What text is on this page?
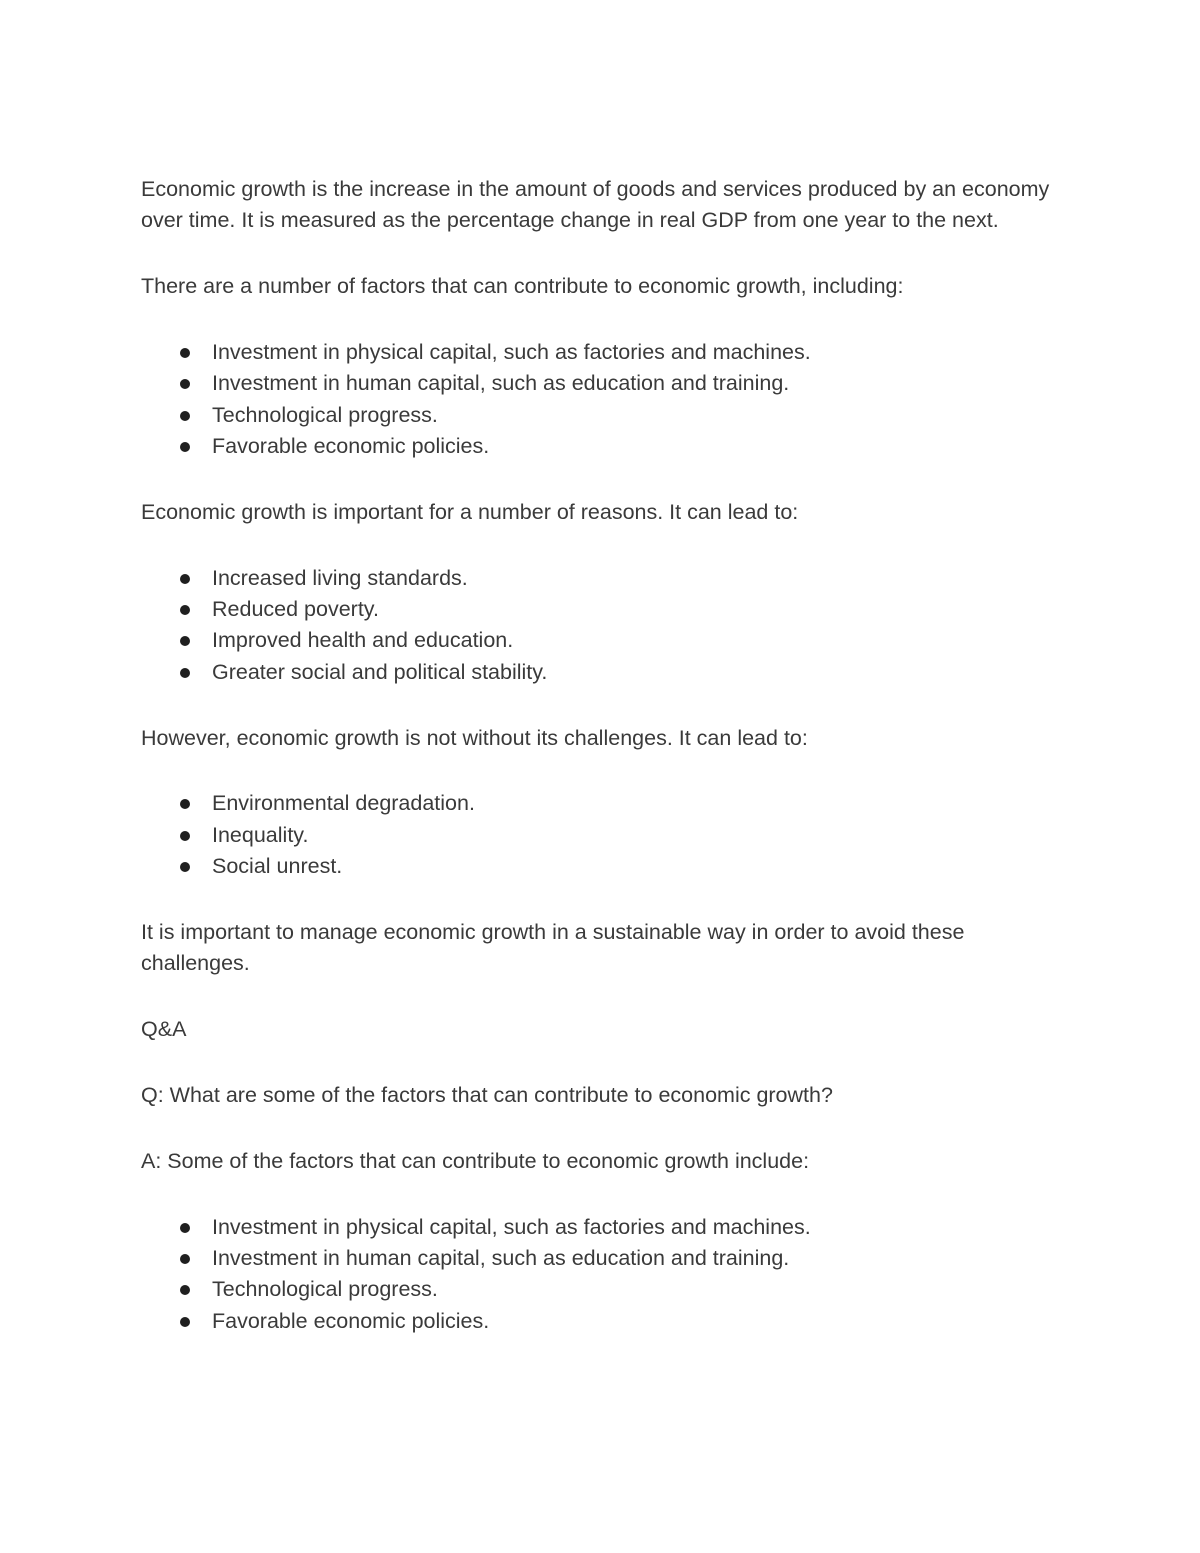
Economic growth is the increase in the amount of goods and services produced by an economy over time. It is measured as the percentage change in real GDP from one year to the next.

There are a number of factors that can contribute to economic growth, including:

Investment in physical capital, such as factories and machines.
Investment in human capital, such as education and training.
Technological progress.
Favorable economic policies.

Economic growth is important for a number of reasons. It can lead to:

Increased living standards.
Reduced poverty.
Improved health and education.
Greater social and political stability.

However, economic growth is not without its challenges. It can lead to:

Environmental degradation.
Inequality.
Social unrest.

It is important to manage economic growth in a sustainable way in order to avoid these challenges.

Q&A

Q: What are some of the factors that can contribute to economic growth?

A: Some of the factors that can contribute to economic growth include:

Investment in physical capital, such as factories and machines.
Investment in human capital, such as education and training.
Technological progress.
Favorable economic policies.
